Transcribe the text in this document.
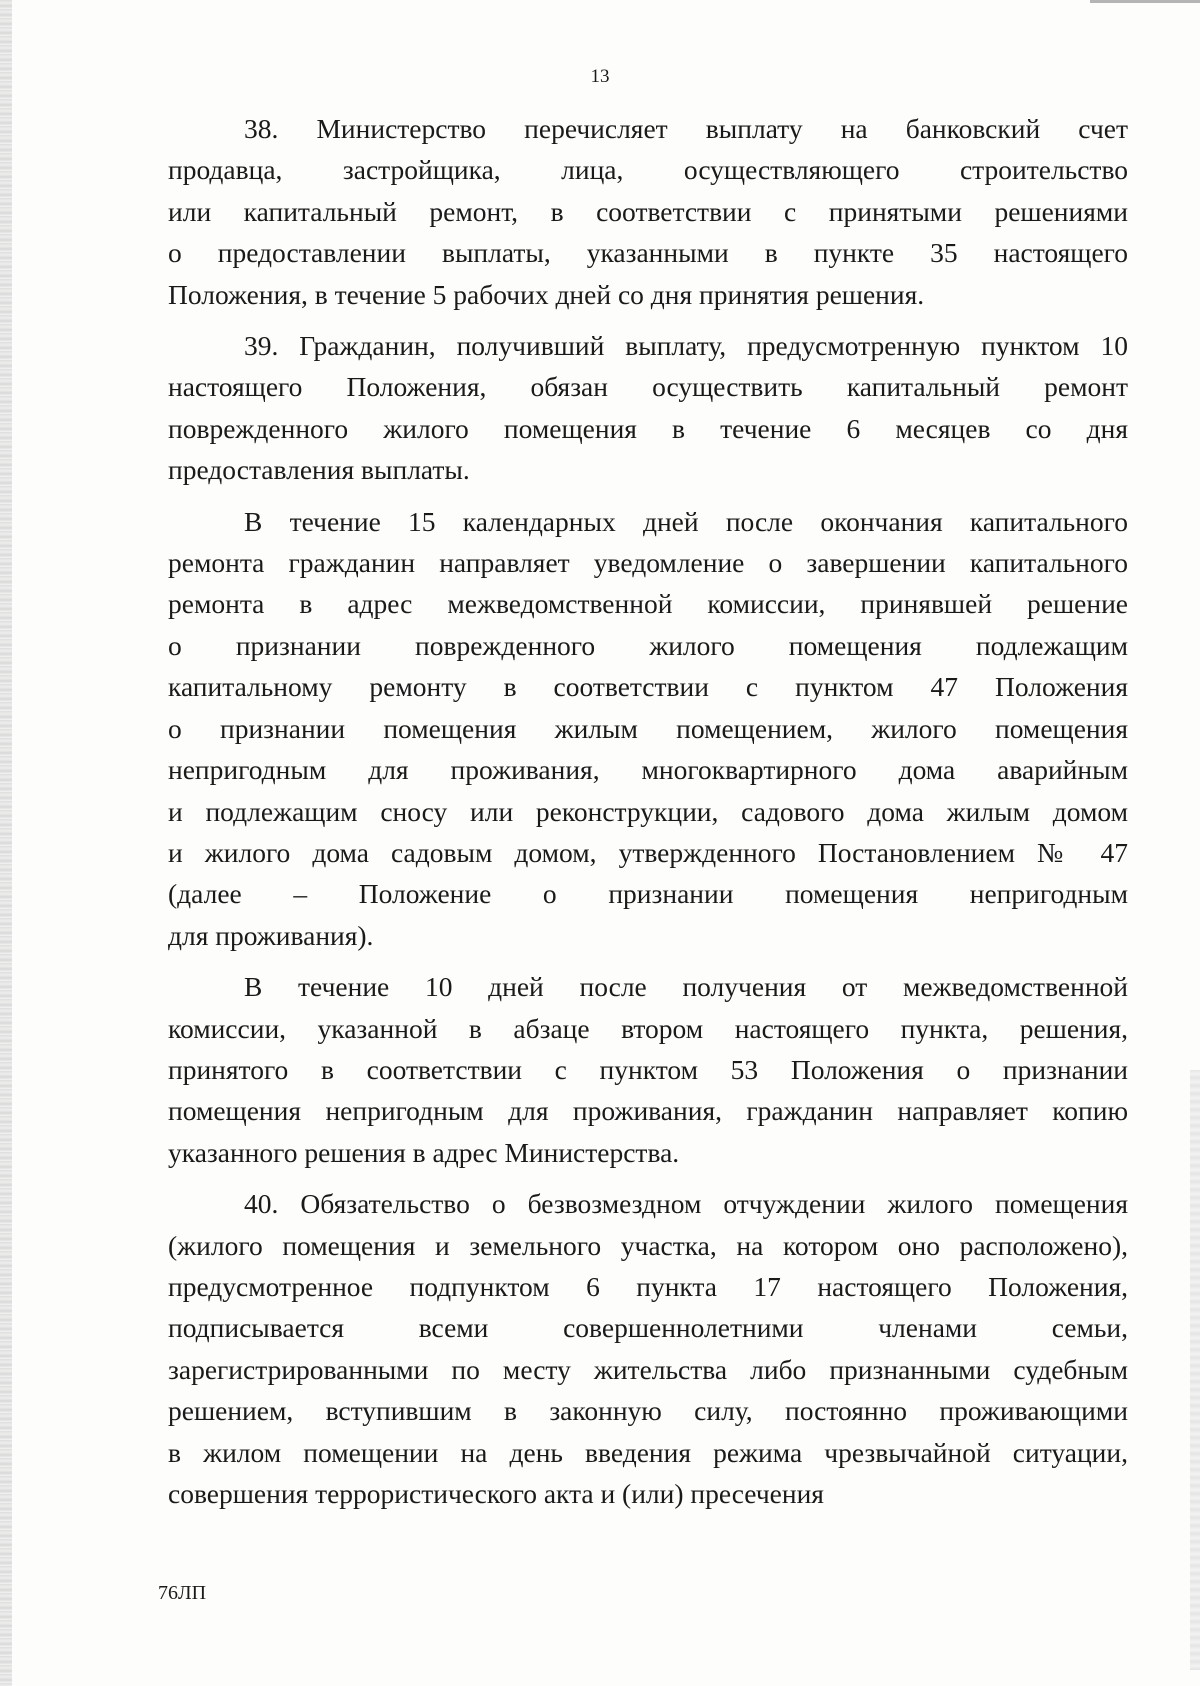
13
38. Министерство перечисляет выплату на банковский счет
продавца, застройщика, лица, осуществляющего строительство
или капитальный ремонт, в соответствии с принятыми решениями
о предоставлении выплаты, указанными в пункте 35 настоящего
Положения, в течение 5 рабочих дней со дня принятия решения.
39. Гражданин, получивший выплату, предусмотренную пунктом 10
настоящего Положения, обязан осуществить капитальный ремонт
поврежденного жилого помещения в течение 6 месяцев со дня
предоставления выплаты.
В течение 15 календарных дней после окончания капитального
ремонта гражданин направляет уведомление о завершении капитального
ремонта в адрес межведомственной комиссии, принявшей решение
о признании поврежденного жилого помещения подлежащим
капитальному ремонту в соответствии с пунктом 47 Положения
о признании помещения жилым помещением, жилого помещения
непригодным для проживания, многоквартирного дома аварийным
и подлежащим сносу или реконструкции, садового дома жилым домом
и жилого дома садовым домом, утвержденного Постановлением № 47
(далее – Положение о признании помещения непригодным
для проживания).
В течение 10 дней после получения от межведомственной
комиссии, указанной в абзаце втором настоящего пункта, решения,
принятого в соответствии с пунктом 53 Положения о признании
помещения непригодным для проживания, гражданин направляет копию
указанного решения в адрес Министерства.
40. Обязательство о безвозмездном отчуждении жилого помещения
(жилого помещения и земельного участка, на котором оно расположено),
предусмотренное подпунктом 6 пункта 17 настоящего Положения,
подписывается всеми совершеннолетними членами семьи,
зарегистрированными по месту жительства либо признанными судебным
решением, вступившим в законную силу, постоянно проживающими
в жилом помещении на день введения режима чрезвычайной ситуации,
совершения террористического акта и (или) пресечения
76ЛП
